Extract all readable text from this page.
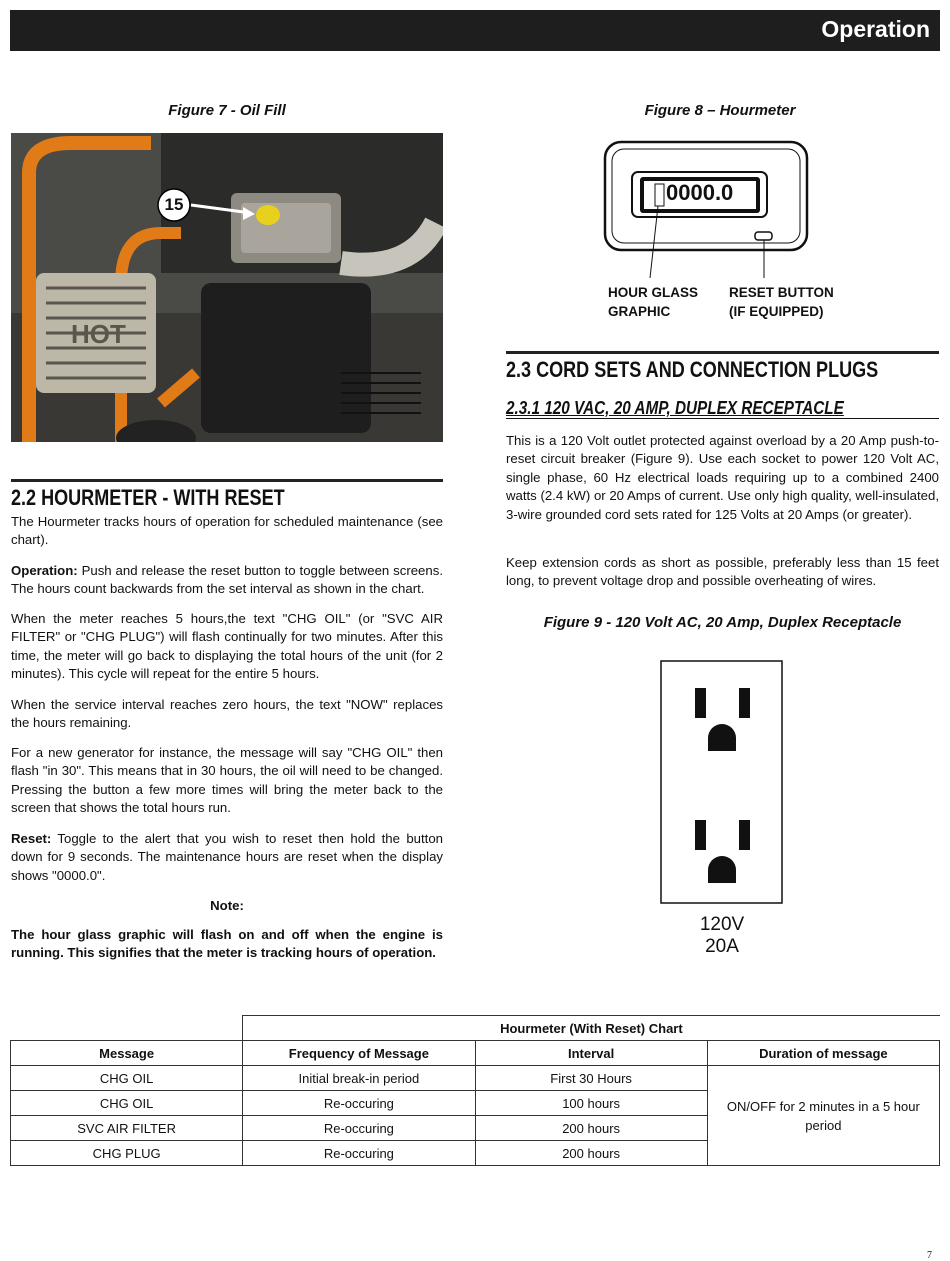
Operation
Figure 7 - Oil Fill
HOT
15
Figure 8 – Hourmeter
0000.0
HOUR GLASS
GRAPHIC
RESET BUTTON
(IF EQUIPPED)
2.2 HOURMETER - WITH RESET
The Hourmeter tracks hours of operation for scheduled maintenance (see chart).
Operation: Push and release the reset button to toggle between screens. The hours count backwards from the set interval as shown in the chart.
When the meter reaches 5 hours,the text "CHG OIL" (or "SVC AIR FILTER" or "CHG PLUG") will flash continually for two minutes. After this time, the meter will go back to displaying the total hours of the unit (for 2 minutes). This cycle will repeat for the entire 5 hours.
When the service interval reaches zero hours, the text "NOW" replaces the hours remaining.
For a new generator for instance, the message will say "CHG OIL" then flash "in 30". This means that in 30 hours, the oil will need to be changed. Pressing the button a few more times will bring the meter back to the screen that shows the total hours run.
Reset: Toggle to the alert that you wish to reset then hold the button down for 9 seconds. The maintenance hours are reset when the display shows "0000.0".
Note:
The hour glass graphic will flash on and off when the engine is running. This signifies that the meter is tracking hours of operation.
2.3 CORD SETS AND CONNECTION PLUGS
2.3.1 120 VAC, 20 AMP, DUPLEX RECEPTACLE
This is a 120 Volt outlet protected against overload by a 20 Amp push-to-reset circuit breaker (Figure 9). Use each socket to power 120 Volt AC, single phase, 60 Hz electrical loads requiring up to a combined 2400 watts (2.4 kW) or 20 Amps of current. Use only high quality, well-insulated, 3-wire grounded cord sets rated for 125 Volts at 20 Amps (or greater).
Keep extension cords as short as possible, preferably less than 15 feet long, to prevent voltage drop and possible overheating of wires.
Figure 9 - 120 Volt AC, 20 Amp, Duplex Receptacle
120V
20A
	Hourmeter (With Reset) Chart		
Message	Frequency of Message	Interval	Duration of message
CHG OIL	Initial break-in period	First 30 Hours	ON/OFF for 2 minutes in a 5 hour period
CHG OIL	Re-occuring	100 hours	
SVC AIR FILTER	Re-occuring	200 hours	
CHG PLUG	Re-occuring	200 hours	
7
